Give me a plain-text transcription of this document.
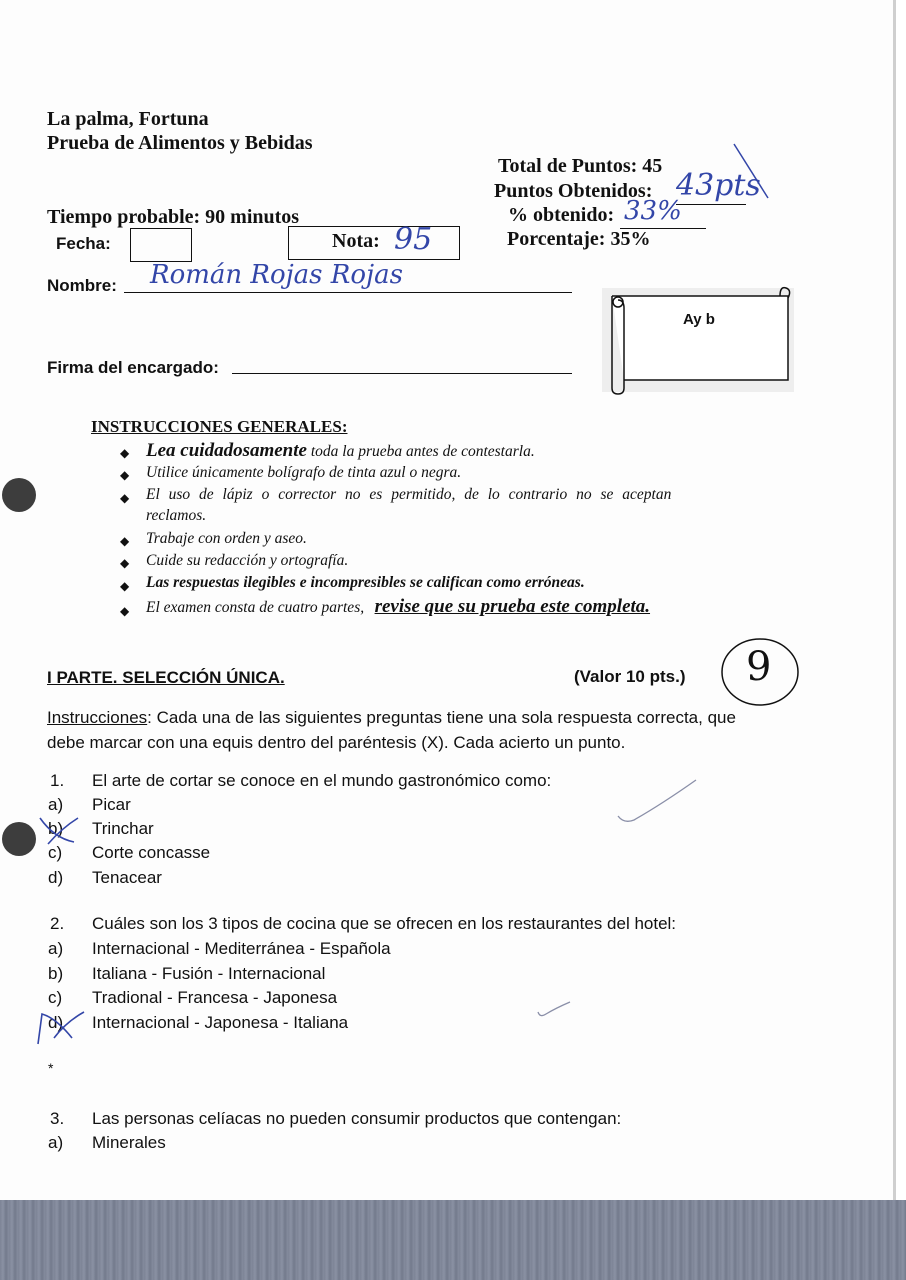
La palma, Fortuna
Prueba de Alimentos y Bebidas
Total de Puntos: 45
Puntos Obtenidos: 43pts
% obtenido: 33%
Porcentaje: 35%
Tiempo probable: 90 minutos
Fecha:	Nota: 95
Nombre: Román Rojas Rojas
Firma del encargado:
Ay b
INSTRUCCIONES GENERALES:
◆ Lea cuidadosamente toda la prueba antes de contestarla.
◆ Utilice únicamente bolígrafo de tinta azul o negra.
◆ El uso de lápiz o corrector no es permitido, de lo contrario no se aceptan
reclamos.
◆ Trabaje con orden y aseo.
◆ Cuide su redacción y ortografía.
◆ Las respuestas ilegibles e incompresibles se califican como erróneas.
◆ El examen consta de cuatro partes, revise que su prueba este completa.
I PARTE. SELECCIÓN ÚNICA.	(Valor 10 pts.) 9
Instrucciones: Cada una de las siguientes preguntas tiene una sola respuesta correcta, que
debe marcar con una equis dentro del paréntesis (X). Cada acierto un punto.
1. El arte de cortar se conoce en el mundo gastronómico como:
a) Picar
b) Trinchar
c) Corte concasse
d) Tenacear
2. Cuáles son los 3 tipos de cocina que se ofrecen en los restaurantes del hotel:
a) Internacional - Mediterránea - Española
b) Italiana - Fusión - Internacional
c) Tradional - Francesa - Japonesa
d) Internacional - Japonesa - Italiana
*
3. Las personas celíacas no pueden consumir productos que contengan:
a) Minerales
